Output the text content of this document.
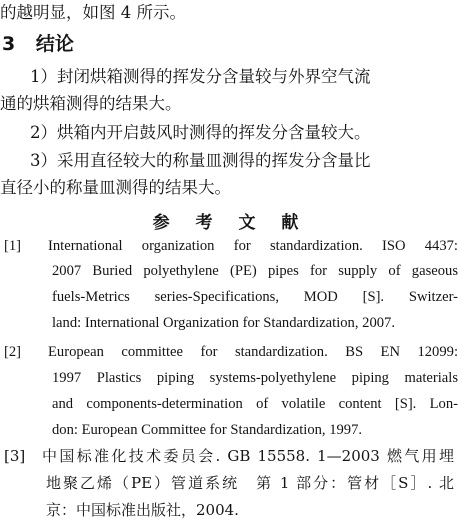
的越明显，如图 4 所示。
3 结论
1）封闭烘箱测得的挥发分含量较与外界空气流
通的烘箱测得的结果大。
2）烘箱内开启鼓风时测得的挥发分含量较大。
3）采用直径较大的称量皿测得的挥发分含量比
直径小的称量皿测得的结果大。
参 考 文 献
[1] International organization for standardization. ISO 4437:
2007 Buried polyethylene (PE) pipes for supply of gaseous
fuels-Metrics series-Specifications, MOD [S]. Switzer-
land: International Organization for Standardization, 2007.
[2] European committee for standardization. BS EN 12099:
1997 Plastics piping systems-polyethylene piping materials
and components-determination of volatile content [S]. Lon-
don: European Committee for Standardization, 1997.
[3] 中国标准化技术委员会. GB 15558. 1—2003 燃气用埋
地聚乙烯（PE）管道系统　第 1 部分：管材［S］. 北
京：中国标准出版社，2004.
